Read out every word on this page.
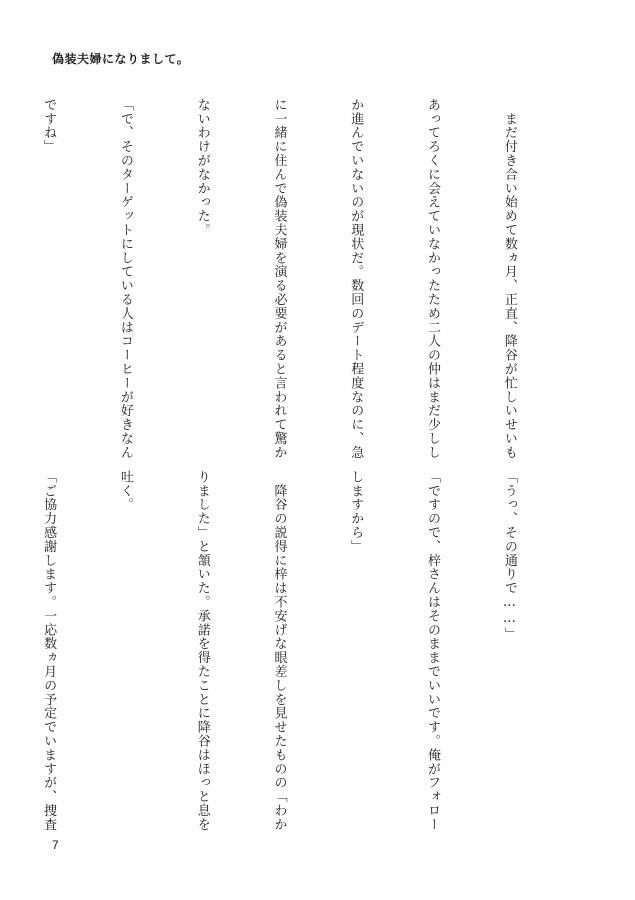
偽装夫婦になりまして。

　まだ付き合い始めて数ヵ月、正直、降谷が忙しいせいも

あってろくに会えていなかったため二人の仲はまだ少しし

か進んでいないのが現状だ。数回のデート程度なのに、急

に一緒に住んで偽装夫婦を演る必要があると言われて驚か

ないわけがなかった。

「で、そのターゲットにしている人はコーヒーが好きなん

ですね」

「うっ、その通りで……」

「ですので、梓さんはそのままでいいです。俺がフォロー

しますから」

　降谷の説得に梓は不安げな眼差しを見せたものの「わか

りました」と頷いた。承諾を得たことに降谷はほっと息を

吐く。

「ご協力感謝します。一応数ヵ月の予定でいますが、捜査

7
